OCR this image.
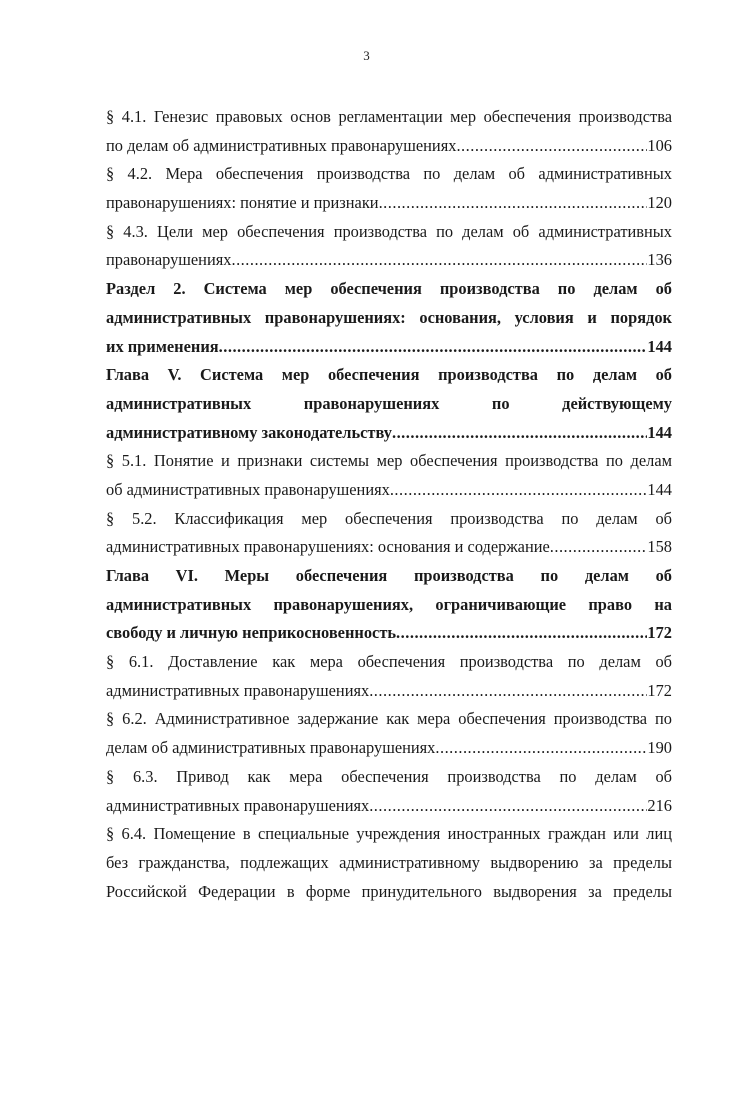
3
§ 4.1. Генезис правовых основ регламентации мер обеспечения производства
по делам об административных правонарушениях .....	106
§ 4.2. Мера обеспечения производства по делам об административных
правонарушениях: понятие и признаки .....	120
§ 4.3. Цели мер обеспечения производства по делам об административных
правонарушениях .....	136
Раздел 2. Система мер обеспечения производства по делам об
административных правонарушениях: основания, условия и порядок
их применения .....	144
Глава V. Система мер обеспечения производства по делам об
административных правонарушениях по действующему
административному законодательству .....	144
§ 5.1. Понятие и признаки системы мер обеспечения производства по делам
об административных правонарушениях .....	144
§ 5.2. Классификация мер обеспечения производства по делам об
административных правонарушениях: основания и содержание .....	158
Глава VI. Меры обеспечения производства по делам об
административных правонарушениях, ограничивающие право на
свободу и личную неприкосновенность .....	172
§ 6.1. Доставление как мера обеспечения производства по делам об
административных правонарушениях .....	172
§ 6.2. Административное задержание как мера обеспечения производства по
делам об административных правонарушениях .....	190
§ 6.3. Привод как мера обеспечения производства по делам об
административных правонарушениях .....	216
§ 6.4. Помещение в специальные учреждения иностранных граждан или лиц
без гражданства, подлежащих административному выдворению за пределы
Российской Федерации в форме принудительного выдворения за пределы
